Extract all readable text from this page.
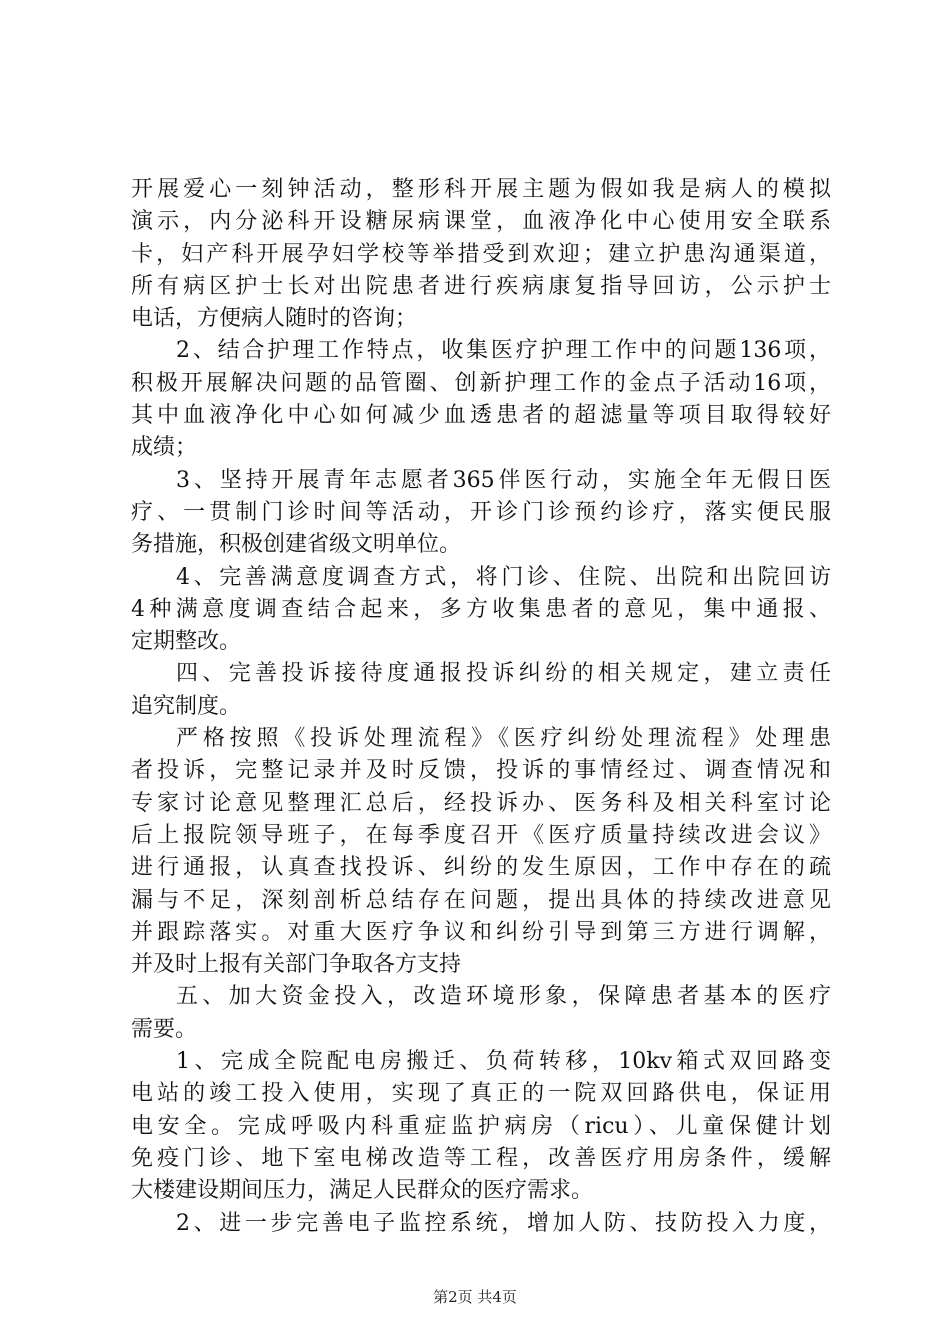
开展爱心一刻钟活动，整形科开展主题为假如我是病人的模拟
演示，内分泌科开设糖尿病课堂，血液净化中心使用安全联系
卡，妇产科开展孕妇学校等举措受到欢迎；建立护患沟通渠道，
所有病区护士长对出院患者进行疾病康复指导回访，公示护士
电话，方便病人随时的咨询；
2、结合护理工作特点，收集医疗护理工作中的问题136项，
积极开展解决问题的品管圈、创新护理工作的金点子活动16项，
其中血液净化中心如何减少血透患者的超滤量等项目取得较好
成绩；
3、坚持开展青年志愿者365伴医行动，实施全年无假日医
疗、一贯制门诊时间等活动，开诊门诊预约诊疗，落实便民服
务措施，积极创建省级文明单位。
4、完善满意度调查方式，将门诊、住院、出院和出院回访
4种满意度调查结合起来，多方收集患者的意见，集中通报、
定期整改。
四、完善投诉接待度通报投诉纠纷的相关规定，建立责任
追究制度。
严格按照《投诉处理流程》《医疗纠纷处理流程》处理患
者投诉，完整记录并及时反馈，投诉的事情经过、调查情况和
专家讨论意见整理汇总后，经投诉办、医务科及相关科室讨论
后上报院领导班子，在每季度召开《医疗质量持续改进会议》
进行通报，认真查找投诉、纠纷的发生原因，工作中存在的疏
漏与不足，深刻剖析总结存在问题，提出具体的持续改进意见
并跟踪落实。对重大医疗争议和纠纷引导到第三方进行调解，
并及时上报有关部门争取各方支持
五、加大资金投入，改造环境形象，保障患者基本的医疗
需要。
1、完成全院配电房搬迁、负荷转移，10kv箱式双回路变
电站的竣工投入使用，实现了真正的一院双回路供电，保证用
电安全。完成呼吸内科重症监护病房（ricu）、儿童保健计划
免疫门诊、地下室电梯改造等工程，改善医疗用房条件，缓解
大楼建设期间压力，满足人民群众的医疗需求。
2、进一步完善电子监控系统，增加人防、技防投入力度，
第2页 共4页
